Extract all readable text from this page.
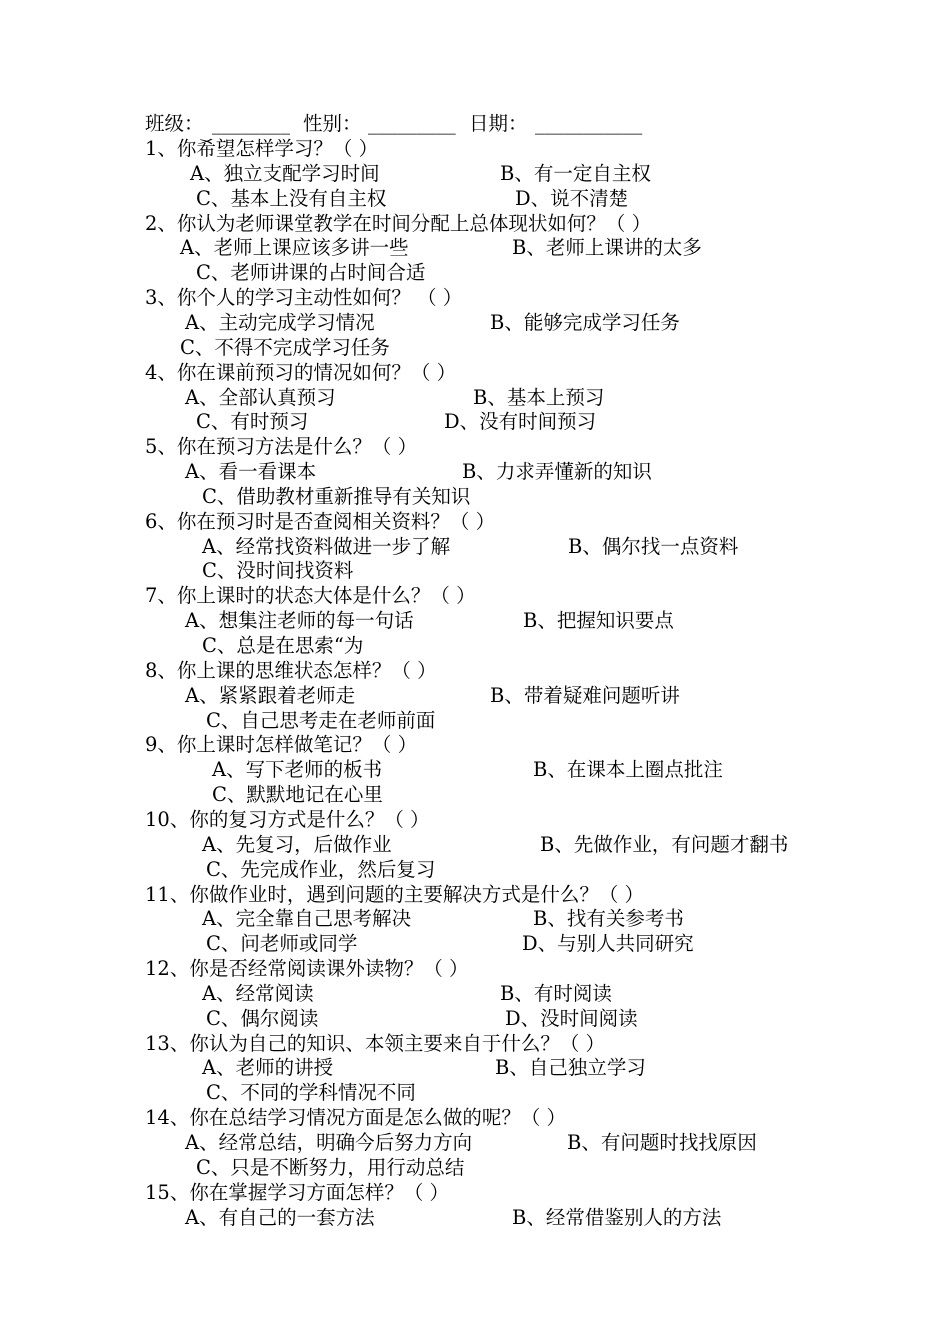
班级： ________ 性别： _________ 日期： ___________
1、你希望怎样学习？（ ）
A、独立支配学习时间	B、有一定自主权
C、基本上没有自主权	D、说不清楚
2、你认为老师课堂教学在时间分配上总体现状如何？（ ）
A、老师上课应该多讲一些	B、老师上课讲的太多
C、老师讲课的占时间合适
3、你个人的学习主动性如何？ （ ）
A、主动完成学习情况	B、能够完成学习任务
C、不得不完成学习任务
4、你在课前预习的情况如何？（ ）
A、全部认真预习	B、基本上预习
C、有时预习	D、没有时间预习
5、你在预习方法是什么？（ ）
A、看一看课本	B、力求弄懂新的知识
C、借助教材重新推导有关知识
6、你在预习时是否查阅相关资料？（ ）
A、经常找资料做进一步了解	B、偶尔找一点资料
C、没时间找资料
7、你上课时的状态大体是什么？（ ）
A、想集注老师的每一句话	B、把握知识要点
C、总是在思索“为
8、你上课的思维状态怎样？（ ）
A、紧紧跟着老师走	B、带着疑难问题听讲
C、自己思考走在老师前面
9、你上课时怎样做笔记？（ ）
A、写下老师的板书	B、在课本上圈点批注
C、默默地记在心里
10、你的复习方式是什么？（ ）
A、先复习，后做作业	B、先做作业，有问题才翻书
C、先完成作业，然后复习
11、你做作业时，遇到问题的主要解决方式是什么？（ ）
A、完全靠自己思考解决	B、找有关参考书
C、问老师或同学	D、与别人共同研究
12、你是否经常阅读课外读物？（ ）
A、经常阅读	B、有时阅读
C、偶尔阅读	D、没时间阅读
13、你认为自己的知识、本领主要来自于什么？（ ）
A、老师的讲授	B、自己独立学习
C、不同的学科情况不同
14、你在总结学习情况方面是怎么做的呢？（ ）
A、经常总结，明确今后努力方向	B、有问题时找找原因
C、只是不断努力，用行动总结
15、你在掌握学习方面怎样？（ ）
A、有自己的一套方法	B、经常借鉴别人的方法
